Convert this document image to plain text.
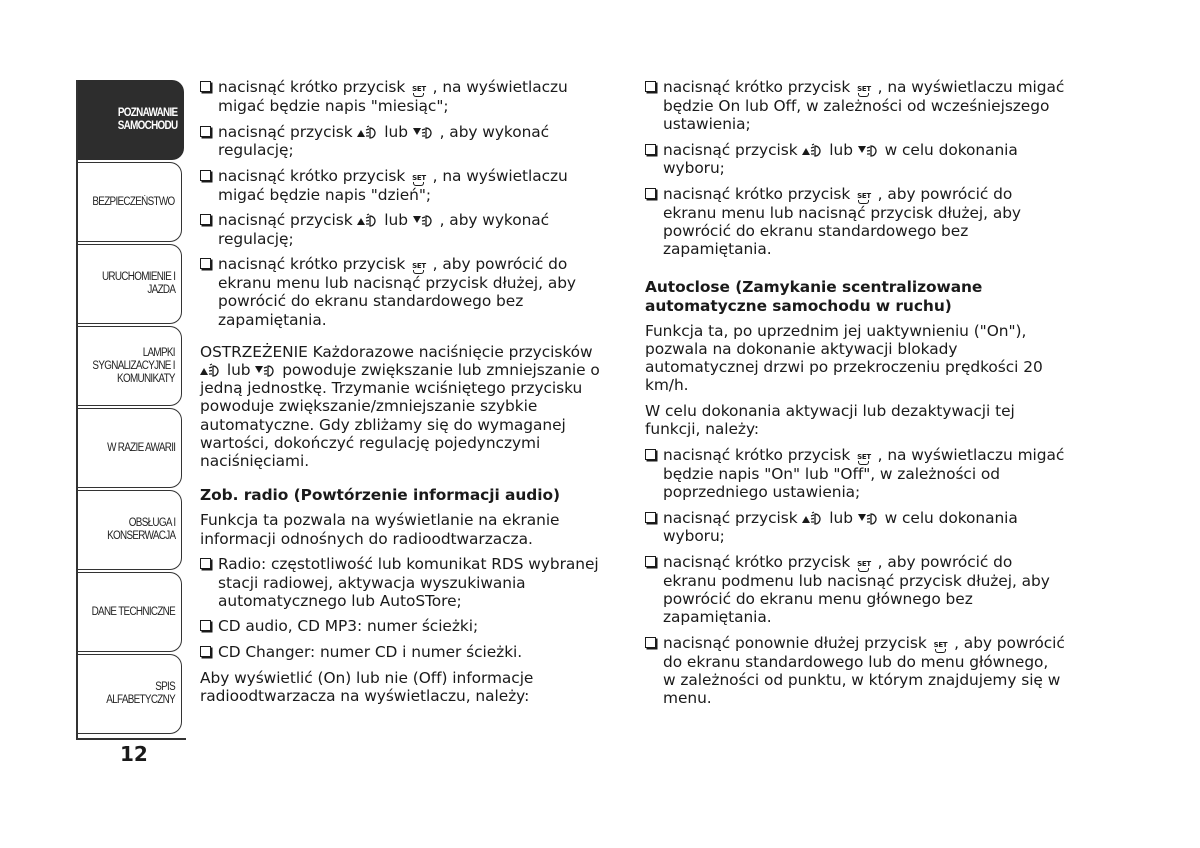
POZNAWANIE
SAMOCHODU
BEZPIECZEŃSTWO
URUCHOMIENIE I
JAZDA
LAMPKI
SYGNALIZACYJNE I
KOMUNIKATY
W RAZIE AWARII
OBSŁUGA I
KONSERWACJA
DANE TECHNICZNE
SPIS ALFABETYCZNY
12
nacisnąć krótko przycisk SET , na wyświetlaczu migać będzie napis "miesiąc";
nacisnąć przycisk lub , aby wykonać regulację;
nacisnąć krótko przycisk SET , na wyświetlaczu migać będzie napis "dzień";
nacisnąć przycisk lub , aby wykonać regulację;
nacisnąć krótko przycisk SET , aby powrócić do ekranu menu lub nacisnąć przycisk dłużej, aby powrócić do ekranu standardowego bez zapamiętania.
OSTRZEŻENIE Każdorazowe naciśnięcie przycisków
lub powoduje zwiększanie lub zmniejszanie o jedną jednostkę. Trzymanie wciśniętego przycisku powoduje zwiększanie/zmniejszanie szybkie automatyczne. Gdy zbliżamy się do wymaganej wartości, dokończyć regulację pojedynczymi naciśnięciami.
Zob. radio (Powtórzenie informacji audio)
Funkcja ta pozwala na wyświetlanie na ekranie informacji odnośnych do radioodtwarzacza.
Radio: częstotliwość lub komunikat RDS wybranej stacji radiowej, aktywacja wyszukiwania automatycznego lub AutoSTore;
CD audio, CD MP3: numer ścieżki;
CD Changer: numer CD i numer ścieżki.
Aby wyświetlić (On) lub nie (Off) informacje radioodtwarzacza na wyświetlaczu, należy:
nacisnąć krótko przycisk SET , na wyświetlaczu migać będzie On lub Off, w zależności od wcześniejszego ustawienia;
nacisnąć przycisk lub w celu dokonania wyboru;
nacisnąć krótko przycisk SET , aby powrócić do ekranu menu lub nacisnąć przycisk dłużej, aby powrócić do ekranu standardowego bez zapamiętania.
Autoclose (Zamykanie scentralizowane automatyczne samochodu w ruchu)
Funkcja ta, po uprzednim jej uaktywnieniu ("On"), pozwala na dokonanie aktywacji blokady automatycznej drzwi po przekroczeniu prędkości 20 km/h.
W celu dokonania aktywacji lub dezaktywacji tej funkcji, należy:
nacisnąć krótko przycisk SET , na wyświetlaczu migać będzie napis "On" lub "Off", w zależności od poprzedniego ustawienia;
nacisnąć przycisk lub w celu dokonania wyboru;
nacisnąć krótko przycisk SET , aby powrócić do ekranu podmenu lub nacisnąć przycisk dłużej, aby powrócić do ekranu menu głównego bez zapamiętania.
nacisnąć ponownie dłużej przycisk SET , aby powrócić do ekranu standardowego lub do menu głównego, w zależności od punktu, w którym znajdujemy się w menu.
